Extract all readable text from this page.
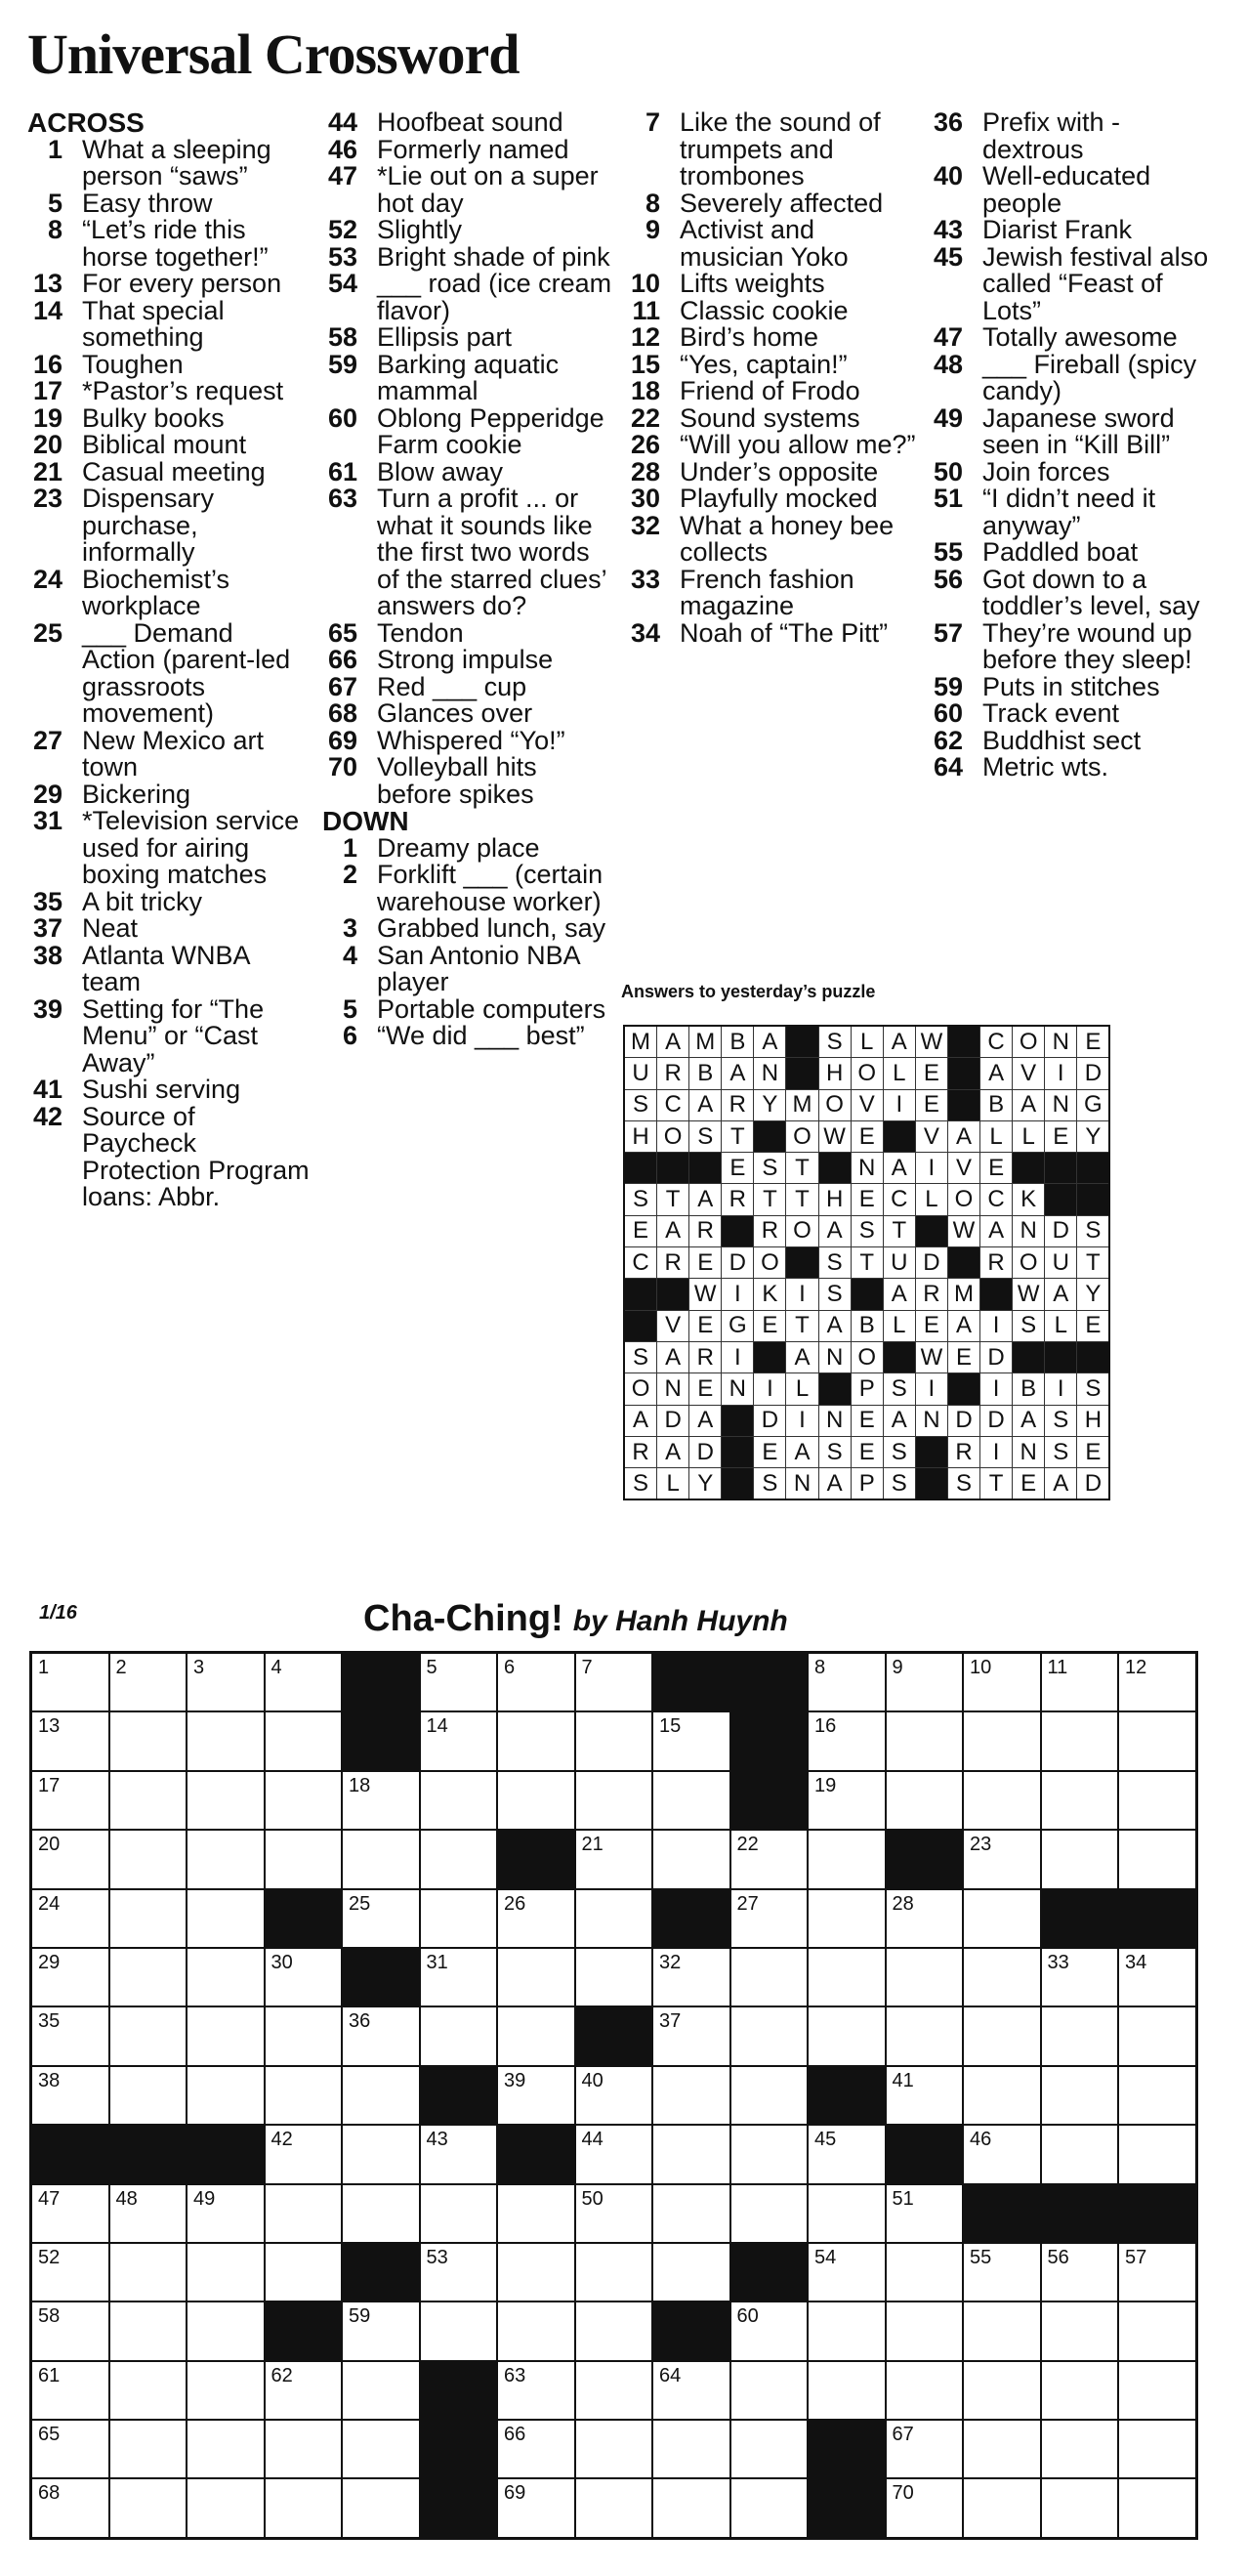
Universal Crossword
ACROSS
1 What a sleeping person “saws”
5 Easy throw
8 “Let’s ride this horse together!”
13 For every person
14 That special something
16 Toughen
17 *Pastor’s request
19 Bulky books
20 Biblical mount
21 Casual meeting
23 Dispensary purchase, informally
24 Biochemist’s workplace
25 ___ Demand Action (parent-led grassroots movement)
27 New Mexico art town
29 Bickering
31 *Television service used for airing boxing matches
35 A bit tricky
37 Neat
38 Atlanta WNBA team
39 Setting for “The Menu” or “Cast Away”
41 Sushi serving
42 Source of Paycheck Protection Program loans: Abbr.
44 Hoofbeat sound
46 Formerly named
47 *Lie out on a super hot day
52 Slightly
53 Bright shade of pink
54 ___ road (ice cream flavor)
58 Ellipsis part
59 Barking aquatic mammal
60 Oblong Pepperidge Farm cookie
61 Blow away
63 Turn a profit ... or what it sounds like the first two words of the starred clues’ answers do?
65 Tendon
66 Strong impulse
67 Red ___ cup
68 Glances over
69 Whispered “Yo!”
70 Volleyball hits before spikes
DOWN
1 Dreamy place
2 Forklift ___ (certain warehouse worker)
3 Grabbed lunch, say
4 San Antonio NBA player
5 Portable computers
6 “We did ___ best”
7 Like the sound of trumpets and trombones
8 Severely affected
9 Activist and musician Yoko
10 Lifts weights
11 Classic cookie
12 Bird’s home
15 “Yes, captain!”
18 Friend of Frodo
22 Sound systems
26 “Will you allow me?”
28 Under’s opposite
30 Playfully mocked
32 What a honey bee collects
33 French fashion magazine
34 Noah of “The Pitt”
36 Prefix with -dextrous
40 Well-educated people
43 Diarist Frank
45 Jewish festival also called “Feast of Lots”
47 Totally awesome
48 ___ Fireball (spicy candy)
49 Japanese sword seen in “Kill Bill”
50 Join forces
51 “I didn’t need it anyway”
55 Paddled boat
56 Got down to a toddler’s level, say
57 They’re wound up before they sleep!
59 Puts in stitches
60 Track event
62 Buddhist sect
64 Metric wts.
Answers to yesterday’s puzzle
M	A	M	B	A		S	L	A	W		C	O	N	E
U	R	B	A	N		H	O	L	E		A	V	I	D
S	C	A	R	Y	M	O	V	I	E		B	A	N	G
H	O	S	T		O	W	E		V	A	L	L	E	Y
			E	S	T		N	A	I	V	E			
S	T	A	R	T	T	H	E	C	L	O	C	K		
E	A	R		R	O	A	S	T		W	A	N	D	S
C	R	E	D	O		S	T	U	D		R	O	U	T
		W	I	K	I	S		A	R	M		W	A	Y
	V	E	G	E	T	A	B	L	E	A	I	S	L	E
S	A	R	I		A	N	O		W	E	D			
O	N	E	N	I	L		P	S	I		I	B	I	S
A	D	A		D	I	N	E	A	N	D	D	A	S	H
R	A	D		E	A	S	E	S		R	I	N	S	E
S	L	Y		S	N	A	P	S		S	T	E	A	D
1/16	Cha-Ching! by Hanh Huynh
1	2	3	4		5	6	7			8	9	10	11	12

13					14			15		16				

17				18						19				

20							21		22			23		

24				25		26			27		28			

29			30		31			32					33	34

35				36				37						

38						39	40				41			

			42		43		44			45		46		

47	48	49					50				51			

52					53					54		55	56	57

58				59					60					

61			62			63		64						

65						66					67			

68						69					70			
